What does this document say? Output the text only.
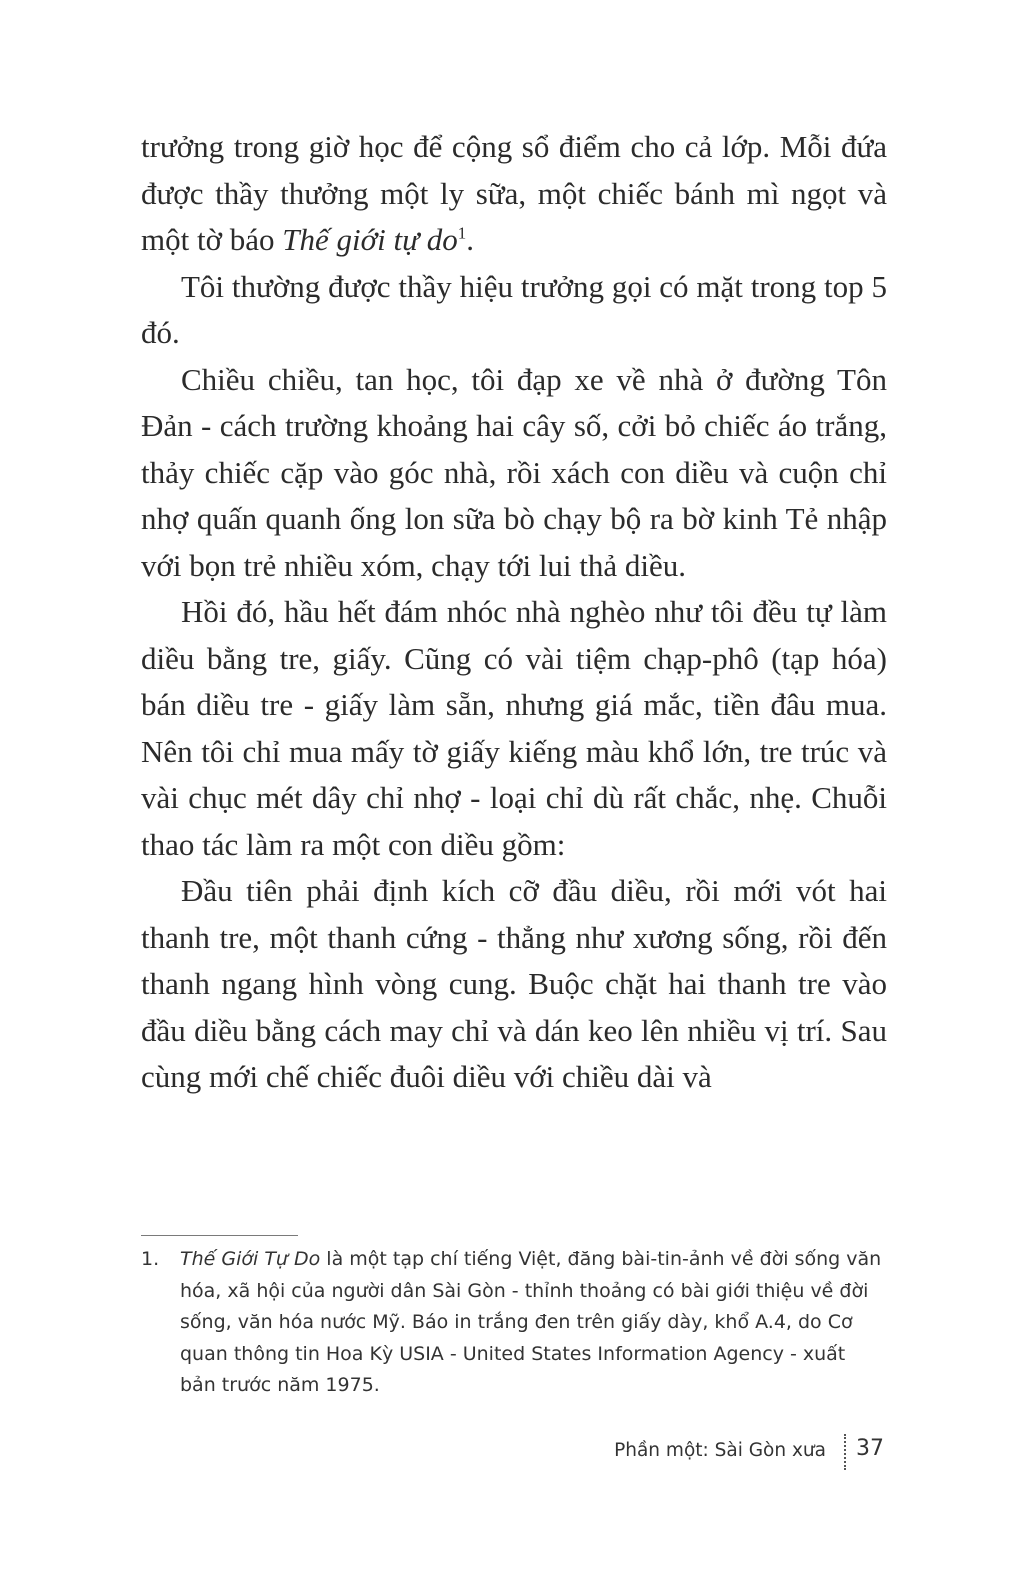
trưởng trong giờ học để cộng sổ điểm cho cả lớp. Mỗi đứa được thầy thưởng một ly sữa, một chiếc bánh mì ngọt và một tờ báo Thế giới tự $do^1$.

Tôi thường được thầy hiệu trưởng gọi có mặt trong top 5 đó.

Chiều chiều, tan học, tôi đạp xe về nhà ở đường Tôn Đản - cách trường khoảng hai cây số, cởi bỏ chiếc áo trắng, thảy chiếc cặp vào góc nhà, rồi xách con diều và cuộn chỉ nhợ quấn quanh ống lon sữa bò chạy bộ ra bờ kinh Tẻ nhập với bọn trẻ nhiều xóm, chạy tới lui thả diều.

Hồi đó, hầu hết đám nhóc nhà nghèo như tôi đều tự làm diều bằng tre, giấy. Cũng có vài tiệm chạp-phô (tạp hóa) bán diều tre - giấy làm sẵn, nhưng giá mắc, tiền đâu mua. Nên tôi chỉ mua mấy tờ giấy kiếng màu khổ lớn, tre trúc và vài chục mét dây chỉ nhợ - loại chỉ dù rất chắc, nhẹ. Chuỗi thao tác làm ra một con diều gồm:

Đầu tiên phải định kích cỡ đầu diều, rồi mới vót hai thanh tre, một thanh cứng - thẳng như xương sống, rồi đến thanh ngang hình vòng cung. Buộc chặt hai thanh tre vào đầu diều bằng cách may chỉ và dán keo lên nhiều vị trí. Sau cùng mới chế chiếc đuôi diều với chiều dài và

1. Thế Giới Tự Do là một tạp chí tiếng Việt, đăng bài-tin-ảnh về đời sống văn hóa, xã hội của người dân Sài Gòn - thỉnh thoảng có bài giới thiệu về đời sống, văn hóa nước Mỹ. Báo in trắng đen trên giấy dày, khổ A.4, do Cơ quan thông tin Hoa Kỳ USIA - United States Information Agency - xuất bản trước năm 1975.
Phần một: Sài Gòn xưa 37
